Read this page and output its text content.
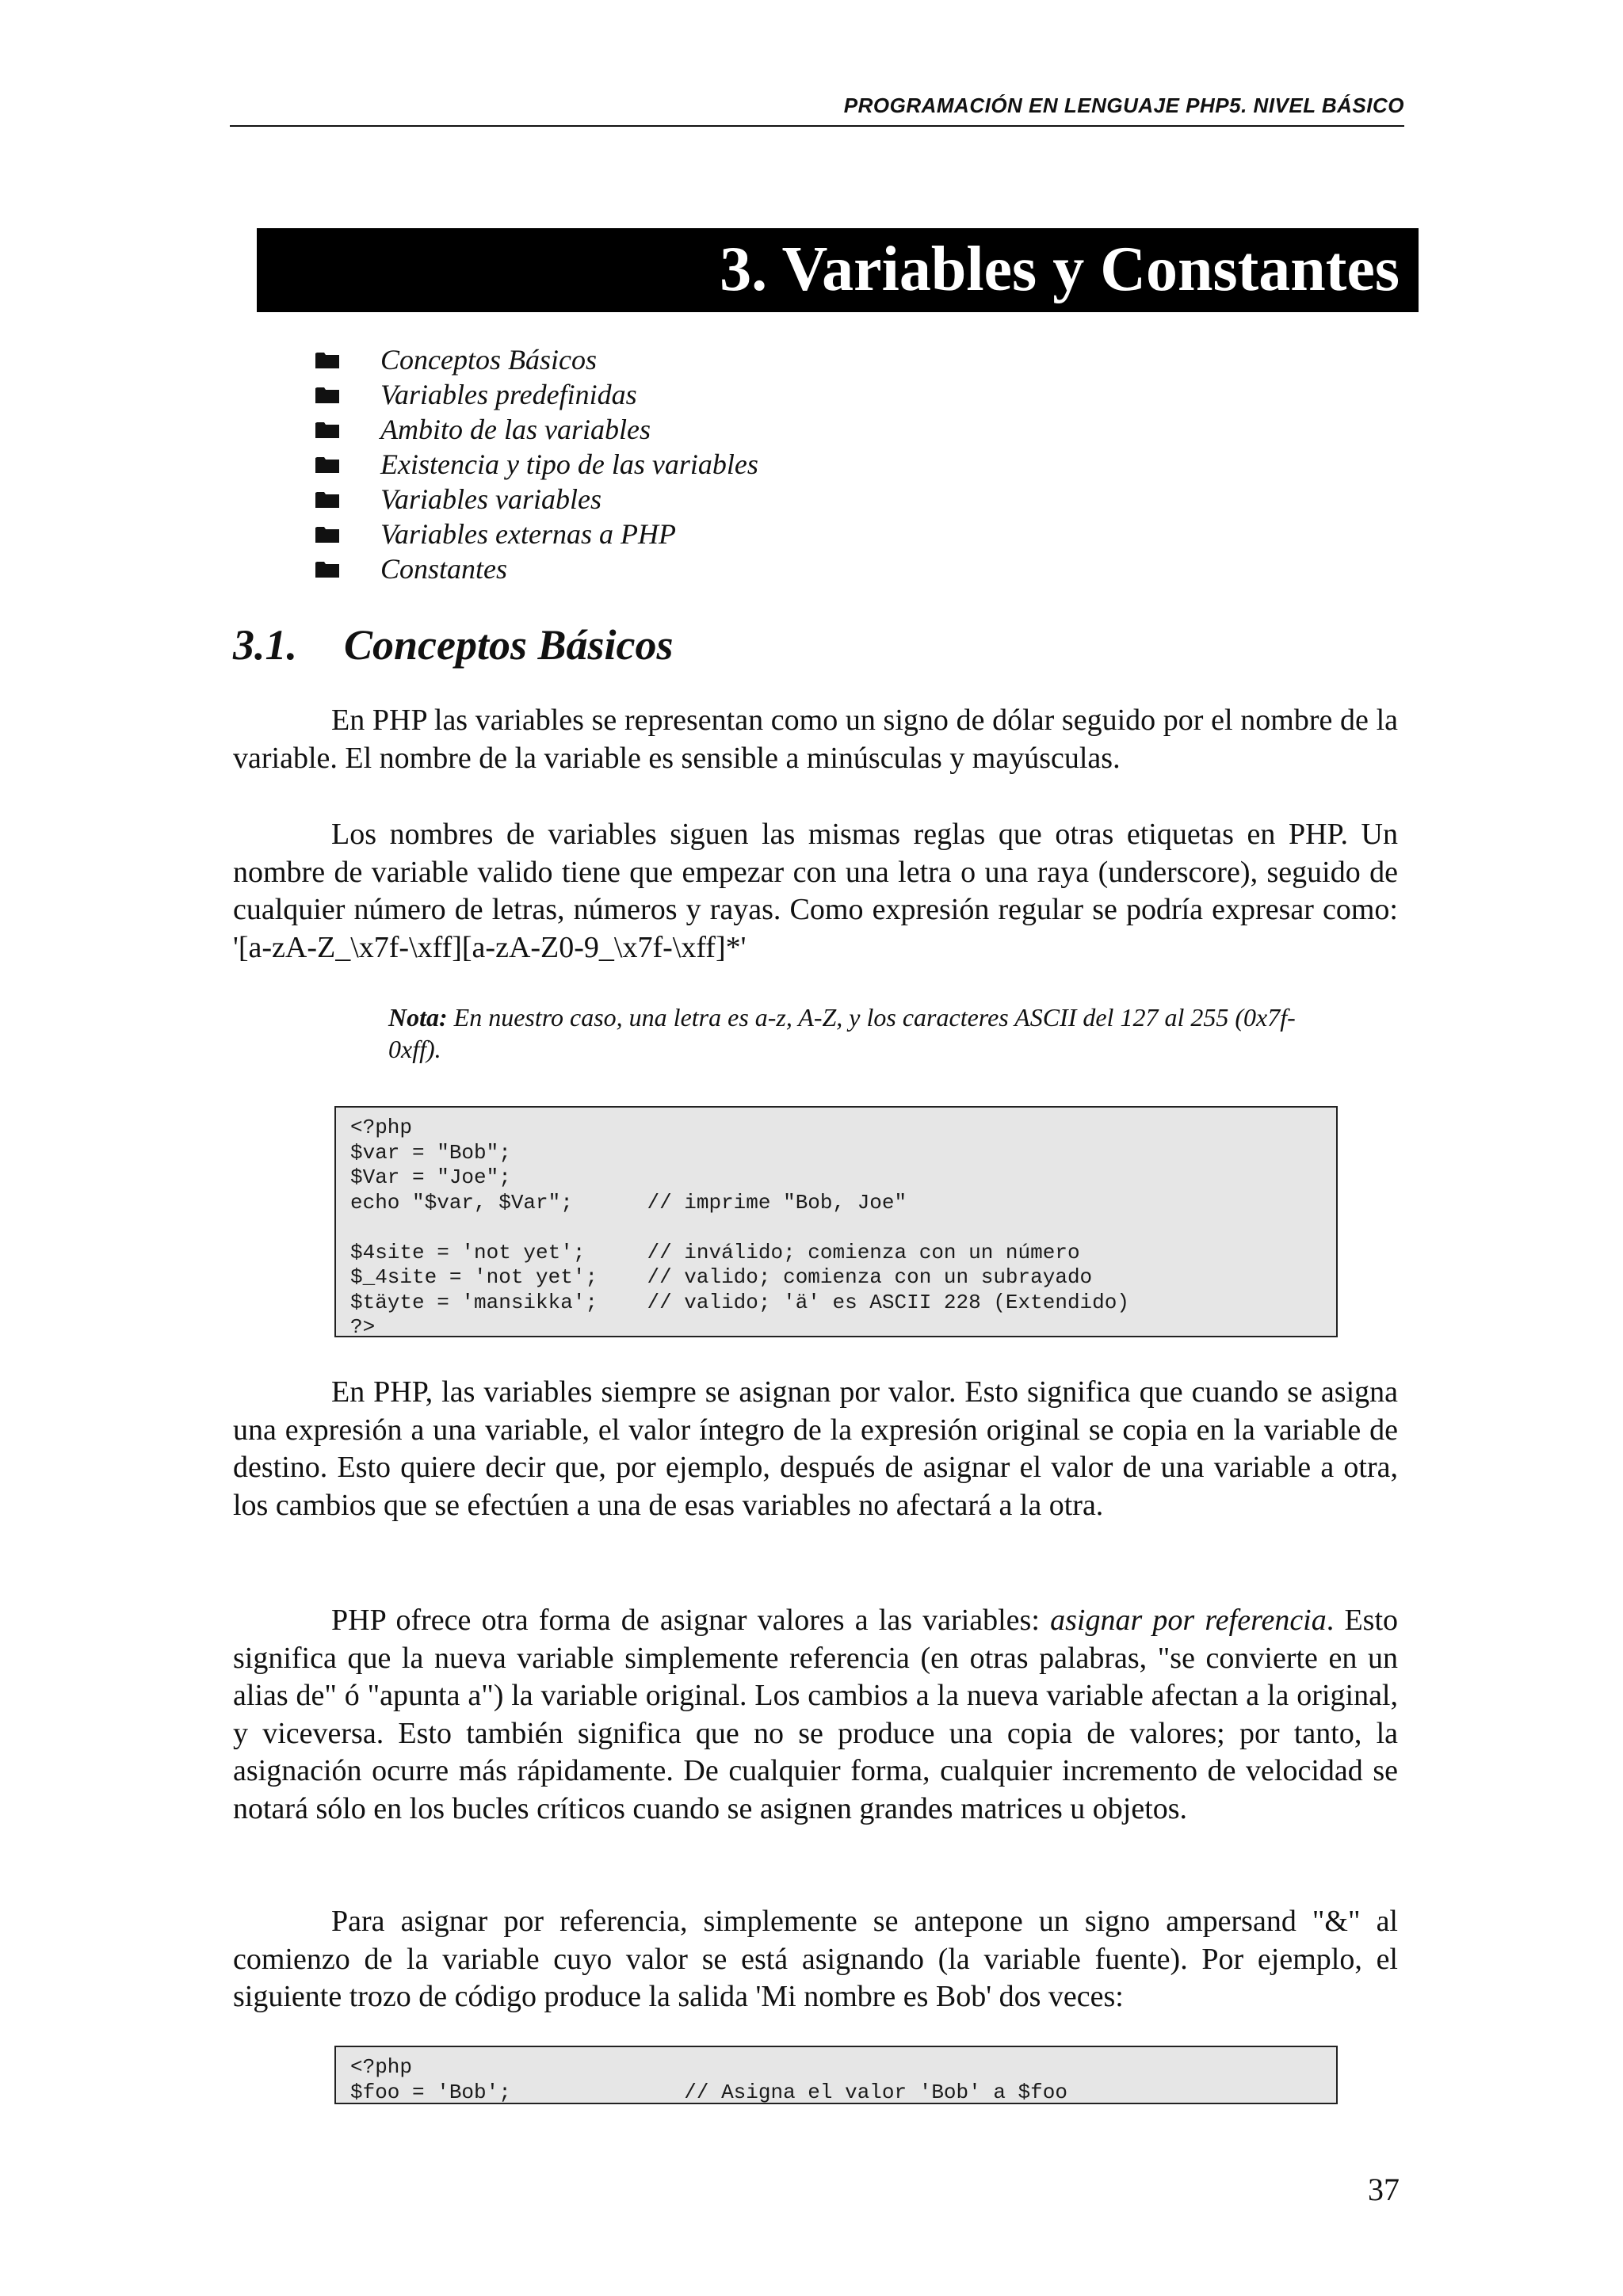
PROGRAMACIÓN EN LENGUAJE PHP5. NIVEL BÁSICO
3. Variables y Constantes
Conceptos Básicos
Variables predefinidas
Ambito de las variables
Existencia y tipo de las variables
Variables variables
Variables externas a PHP
Constantes
3.1. Conceptos Básicos

En PHP las variables se representan como un signo de dólar seguido por el nombre de la variable. El nombre de la variable es sensible a minúsculas y mayúsculas.

Los nombres de variables siguen las mismas reglas que otras etiquetas en PHP. Un nombre de variable valido tiene que empezar con una letra o una raya (underscore), seguido de cualquier número de letras, números y rayas. Como expresión regular se podría expresar como: '[a-zA-Z_\x7f-\xff][a-zA-Z0-9_\x7f-\xff]*'

Nota: En nuestro caso, una letra es a-z, A-Z, y los caracteres ASCII del 127 al 255 (0x7f-0xff).

<?php
$var = "Bob";
$Var = "Joe";
echo "$var, $Var";      // imprime "Bob, Joe"
$4site = 'not yet';     // inválido; comienza con un número
$_4site = 'not yet';    // valido; comienza con un subrayado
$täyte = 'mansikka';    // valido; 'ä' es ASCII 228 (Extendido)
?>

En PHP, las variables siempre se asignan por valor. Esto significa que cuando se asigna una expresión a una variable, el valor íntegro de la expresión original se copia en la variable de destino. Esto quiere decir que, por ejemplo, después de asignar el valor de una variable a otra, los cambios que se efectúen a una de esas variables no afectará a la otra.

PHP ofrece otra forma de asignar valores a las variables: asignar por referencia. Esto significa que la nueva variable simplemente referencia (en otras palabras, "se convierte en un alias de" ó "apunta a") la variable original. Los cambios a la nueva variable afectan a la original, y viceversa. Esto también significa que no se produce una copia de valores; por tanto, la asignación ocurre más rápidamente. De cualquier forma, cualquier incremento de velocidad se notará sólo en los bucles críticos cuando se asignen grandes matrices u objetos.

Para asignar por referencia, simplemente se antepone un signo ampersand "&" al comienzo de la variable cuyo valor se está asignando (la variable fuente). Por ejemplo, el siguiente trozo de código produce la salida 'Mi nombre es Bob' dos veces:

<?php
$foo = 'Bob';              // Asigna el valor 'Bob' a $foo

37
